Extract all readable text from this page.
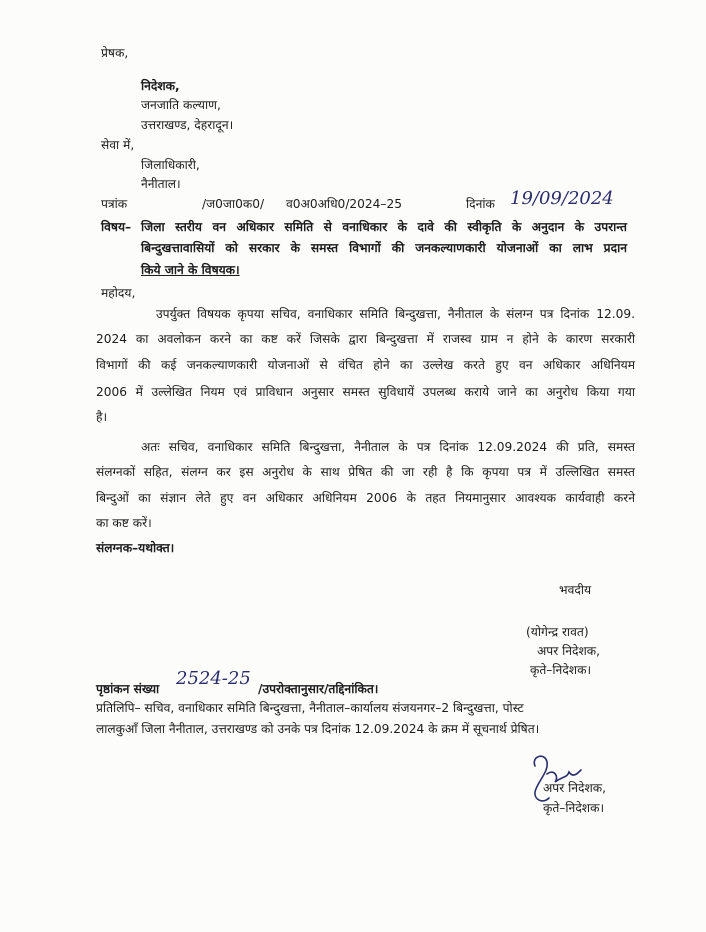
प्रेषक,
निदेशक,
जनजाति कल्याण,
उत्तराखण्ड, देहरादून।
सेवा में,
जिलाधिकारी,
नैनीताल।
पत्रांक	/ज0जा0क0/ व0अ0अधि0/2024–25	दिनांक 19/09/2024
विषय– जिला स्तरीय वन अधिकार समिति से वनाधिकार के दावे की स्वीकृति के अनुदान के उपरान्त
बिन्दुखत्तावासियों को सरकार के समस्त विभागों की जनकल्याणकारी योजनाओं का लाभ प्रदान
किये जाने के विषयक।
महोदय,
उपर्युक्त विषयक कृपया सचिव, वनाधिकार समिति बिन्दुखत्ता, नैनीताल के संलग्न पत्र दिनांक 12.09.
2024 का अवलोकन करने का कष्ट करें जिसके द्वारा बिन्दुखत्ता में राजस्व ग्राम न होने के कारण सरकारी
विभागों की कई जनकल्याणकारी योजनाओं से वंचित होने का उल्लेख करते हुए वन अधिकार अधिनियम
2006 में उल्लेखित नियम एवं प्राविधान अनुसार समस्त सुविधायें उपलब्ध कराये जाने का अनुरोध किया गया
है।
अतः सचिव, वनाधिकार समिति बिन्दुखत्ता, नैनीताल के पत्र दिनांक 12.09.2024 की प्रति, समस्त
संलग्नकों सहित, संलग्न कर इस अनुरोध के साथ प्रेषित की जा रही है कि कृपया पत्र में उल्लिखित समस्त
बिन्दुओं का संज्ञान लेते हुए वन अधिकार अधिनियम 2006 के तहत नियमानुसार आवश्यक कार्यवाही करने
का कष्ट करें।
संलग्नक–यथोक्त।
भवदीय
(योगेन्द्र रावत)
अपर निदेशक,
कृते–निदेशक।
पृष्ठांकन संख्या 2524-25 /उपरोक्तानुसार/तद्दिनांकित।
प्रतिलिपि– सचिव, वनाधिकार समिति बिन्दुखत्ता, नैनीताल–कार्यालय संजयनगर–2 बिन्दुखत्ता, पोस्ट
लालकुआँ जिला नैनीताल, उत्तराखण्ड को उनके पत्र दिनांक 12.09.2024 के क्रम में सूचनार्थ प्रेषित।
अपर निदेशक,
कृते–निदेशक।
